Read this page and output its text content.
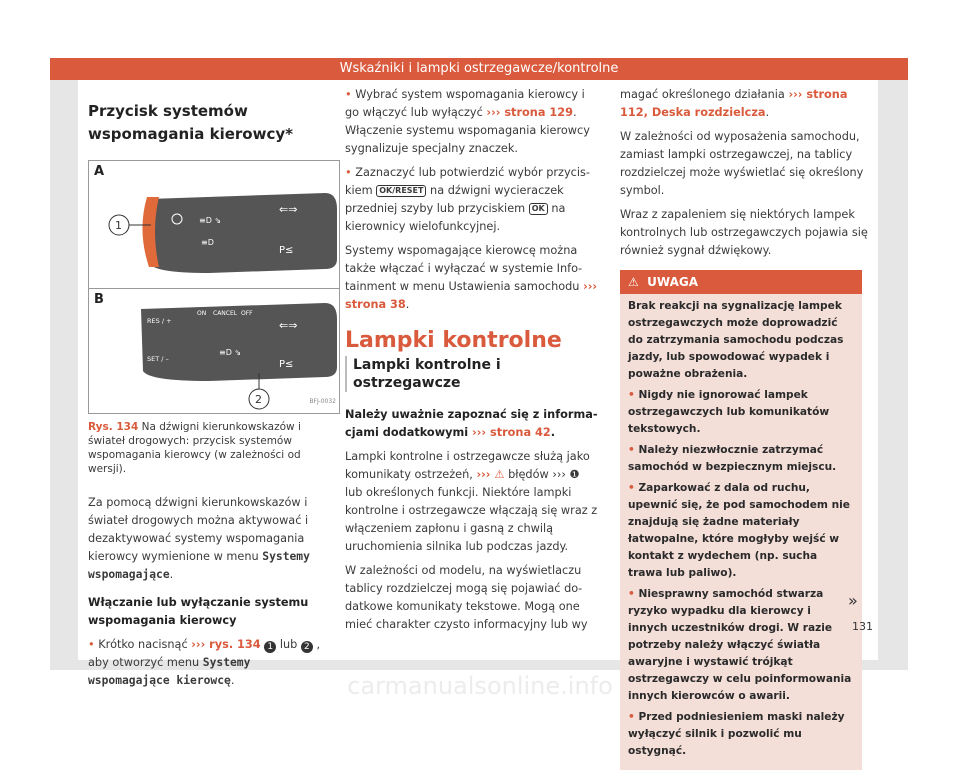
Wskaźniki i lampki ostrzegawcze/kontrolne
Przycisk systemów wspomagania kierowcy*
A
B
⇐⇒
P≤
≡D ⇘
≡D
1
RES / +
SET / –
ON CANCEL OFF
⇐⇒
P≤
≡D ⇘
2	BFJ-0032
Rys. 134 Na dźwigni kierunkowskazów i świateł drogowych: przycisk systemów wspomagania kierowcy (w zależności od wersji).

Za pomocą dźwigni kierunkowskazów i świateł drogowych można aktywować i dezaktywować systemy wspomagania kierowcy wymienione w menu Systemy wspomagające.

Włączanie lub wyłączanie systemu wspomagania kierowcy

• Krótko nacisnąć ››› rys. 134 1 lub 2 , aby otworzyć menu Systemy wspomagające kierowcę.

• Wybrać system wspomagania kierowcy i go włączyć lub wyłączyć ››› strona 129. Włączenie systemu wspomagania kierowcy sygnalizuje specjalny znaczek.

• Zaznaczyć lub potwierdzić wybór przyciskiem OK/RESET na dźwigni wycieraczek przedniej szyby lub przyciskiem OK na kierownicy wielofunkcyjnej.

Systemy wspomagające kierowcę można także włączać i wyłączać w systemie Infotainment w menu Ustawienia samochodu ››› strona 38.

Lampki kontrolne
Lampki kontrolne i ostrzegawcze

Należy uważnie zapoznać się z informacjami dodatkowymi ››› strona 42.

Lampki kontrolne i ostrzegawcze służą jako komunikaty ostrzeżeń, ››› ⚠ błędów ››› ❶ lub określonych funkcji. Niektóre lampki kontrolne i ostrzegawcze włączają się wraz z włączeniem zapłonu i gasną z chwilą uruchomienia silnika lub podczas jazdy.

W zależności od modelu, na wyświetlaczu tablicy rozdzielczej mogą się pojawiać dodatkowe komunikaty tekstowe. Mogą one mieć charakter czysto informacyjny lub wy

magać określonego działania ››› strona 112, Deska rozdzielcza.

W zależności od wyposażenia samochodu, zamiast lampki ostrzegawczej, na tablicy rozdzielczej może wyświetlać się określony symbol.

Wraz z zapaleniem się niektórych lampek kontrolnych lub ostrzegawczych pojawia się również sygnał dźwiękowy.

⚠ UWAGA

Brak reakcji na sygnalizację lampek ostrzegawczych może doprowadzić do zatrzymania samochodu podczas jazdy, lub spowodować wypadek i poważne obrażenia.

• Nigdy nie ignorować lampek ostrzegawczych lub komunikatów tekstowych.

• Należy niezwłocznie zatrzymać samochód w bezpiecznym miejscu.

• Zaparkować z dala od ruchu, upewnić się, że pod samochodem nie znajdują się żadne materiały łatwopalne, które mogłyby wejść w kontakt z wydechem (np. sucha trawa lub paliwo).

• Niesprawny samochód stwarza ryzyko wypadku dla kierowcy i innych uczestników drogi. W razie potrzeby należy włączyć światła awaryjne i wystawić trójkąt ostrzegawczy w celu poinformowania innych kierowców o awarii.

• Przed podniesieniem maski należy wyłączyć silnik i pozwolić mu ostygnąć.

»
131
carmanualsonline.info
